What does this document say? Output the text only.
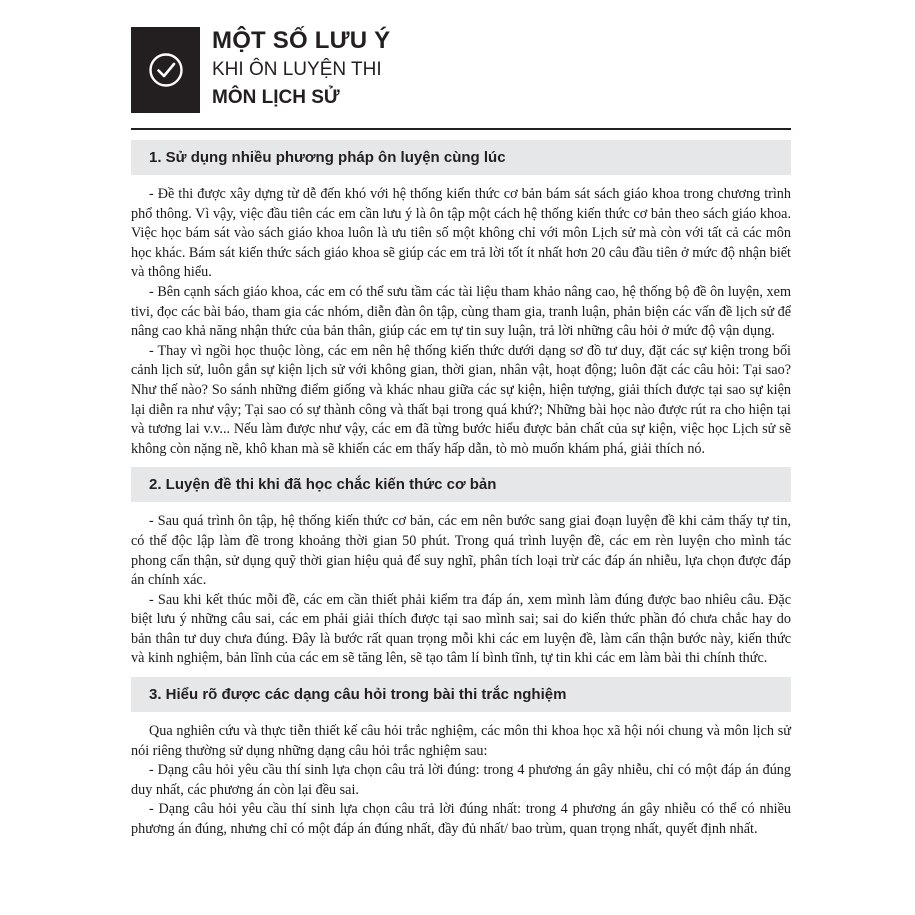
MỘT SỐ LƯU Ý
KHI ÔN LUYỆN THI
MÔN LỊCH SỬ
1. Sử dụng nhiều phương pháp ôn luyện cùng lúc

- Đề thi được xây dựng từ dễ đến khó với hệ thống kiến thức cơ bản bám sát sách giáo khoa trong chương trình phổ thông. Vì vậy, việc đầu tiên các em cần lưu ý là ôn tập một cách hệ thống kiến thức cơ bản theo sách giáo khoa. Việc học bám sát vào sách giáo khoa luôn là ưu tiên số một không chỉ với môn Lịch sử mà còn với tất cả các môn học khác. Bám sát kiến thức sách giáo khoa sẽ giúp các em trả lời tốt ít nhất hơn 20 câu đầu tiên ở mức độ nhận biết và thông hiểu.

- Bên cạnh sách giáo khoa, các em có thể sưu tầm các tài liệu tham khảo nâng cao, hệ thống bộ đề ôn luyện, xem tivi, đọc các bài báo, tham gia các nhóm, diễn đàn ôn tập, cùng tham gia, tranh luận, phản biện các vấn đề lịch sử để nâng cao khả năng nhận thức của bản thân, giúp các em tự tin suy luận, trả lời những câu hỏi ở mức độ vận dụng.

- Thay vì ngồi học thuộc lòng, các em nên hệ thống kiến thức dưới dạng sơ đồ tư duy, đặt các sự kiện trong bối cảnh lịch sử, luôn gắn sự kiện lịch sử với không gian, thời gian, nhân vật, hoạt động; luôn đặt các câu hỏi: Tại sao? Như thế nào? So sánh những điểm giống và khác nhau giữa các sự kiện, hiện tượng, giải thích được tại sao sự kiện lại diễn ra như vậy; Tại sao có sự thành công và thất bại trong quá khứ?; Những bài học nào được rút ra cho hiện tại và tương lai v.v... Nếu làm được như vậy, các em đã từng bước hiểu được bản chất của sự kiện, việc học Lịch sử sẽ không còn nặng nề, khô khan mà sẽ khiến các em thấy hấp dẫn, tò mò muốn khám phá, giải thích nó.

2. Luyện đề thi khi đã học chắc kiến thức cơ bản

- Sau quá trình ôn tập, hệ thống kiến thức cơ bản, các em nên bước sang giai đoạn luyện đề khi cảm thấy tự tin, có thể độc lập làm đề trong khoảng thời gian 50 phút. Trong quá trình luyện đề, các em rèn luyện cho mình tác phong cẩn thận, sử dụng quỹ thời gian hiệu quả để suy nghĩ, phân tích loại trừ các đáp án nhiễu, lựa chọn được đáp án chính xác.

- Sau khi kết thúc mỗi đề, các em cần thiết phải kiểm tra đáp án, xem mình làm đúng được bao nhiêu câu. Đặc biệt lưu ý những câu sai, các em phải giải thích được tại sao mình sai; sai do kiến thức phần đó chưa chắc hay do bản thân tư duy chưa đúng. Đây là bước rất quan trọng mỗi khi các em luyện đề, làm cẩn thận bước này, kiến thức và kinh nghiệm, bản lĩnh của các em sẽ tăng lên, sẽ tạo tâm lí bình tĩnh, tự tin khi các em làm bài thi chính thức.

3. Hiểu rõ được các dạng câu hỏi trong bài thi trắc nghiệm

Qua nghiên cứu và thực tiễn thiết kế câu hỏi trắc nghiệm, các môn thi khoa học xã hội nói chung và môn lịch sử nói riêng thường sử dụng những dạng câu hỏi trắc nghiệm sau:

- Dạng câu hỏi yêu cầu thí sinh lựa chọn câu trả lời đúng: trong 4 phương án gây nhiễu, chỉ có một đáp án đúng duy nhất, các phương án còn lại đều sai.

- Dạng câu hỏi yêu cầu thí sinh lựa chọn câu trả lời đúng nhất: trong 4 phương án gây nhiễu có thể có nhiều phương án đúng, nhưng chỉ có một đáp án đúng nhất, đầy đủ nhất/ bao trùm, quan trọng nhất, quyết định nhất.
